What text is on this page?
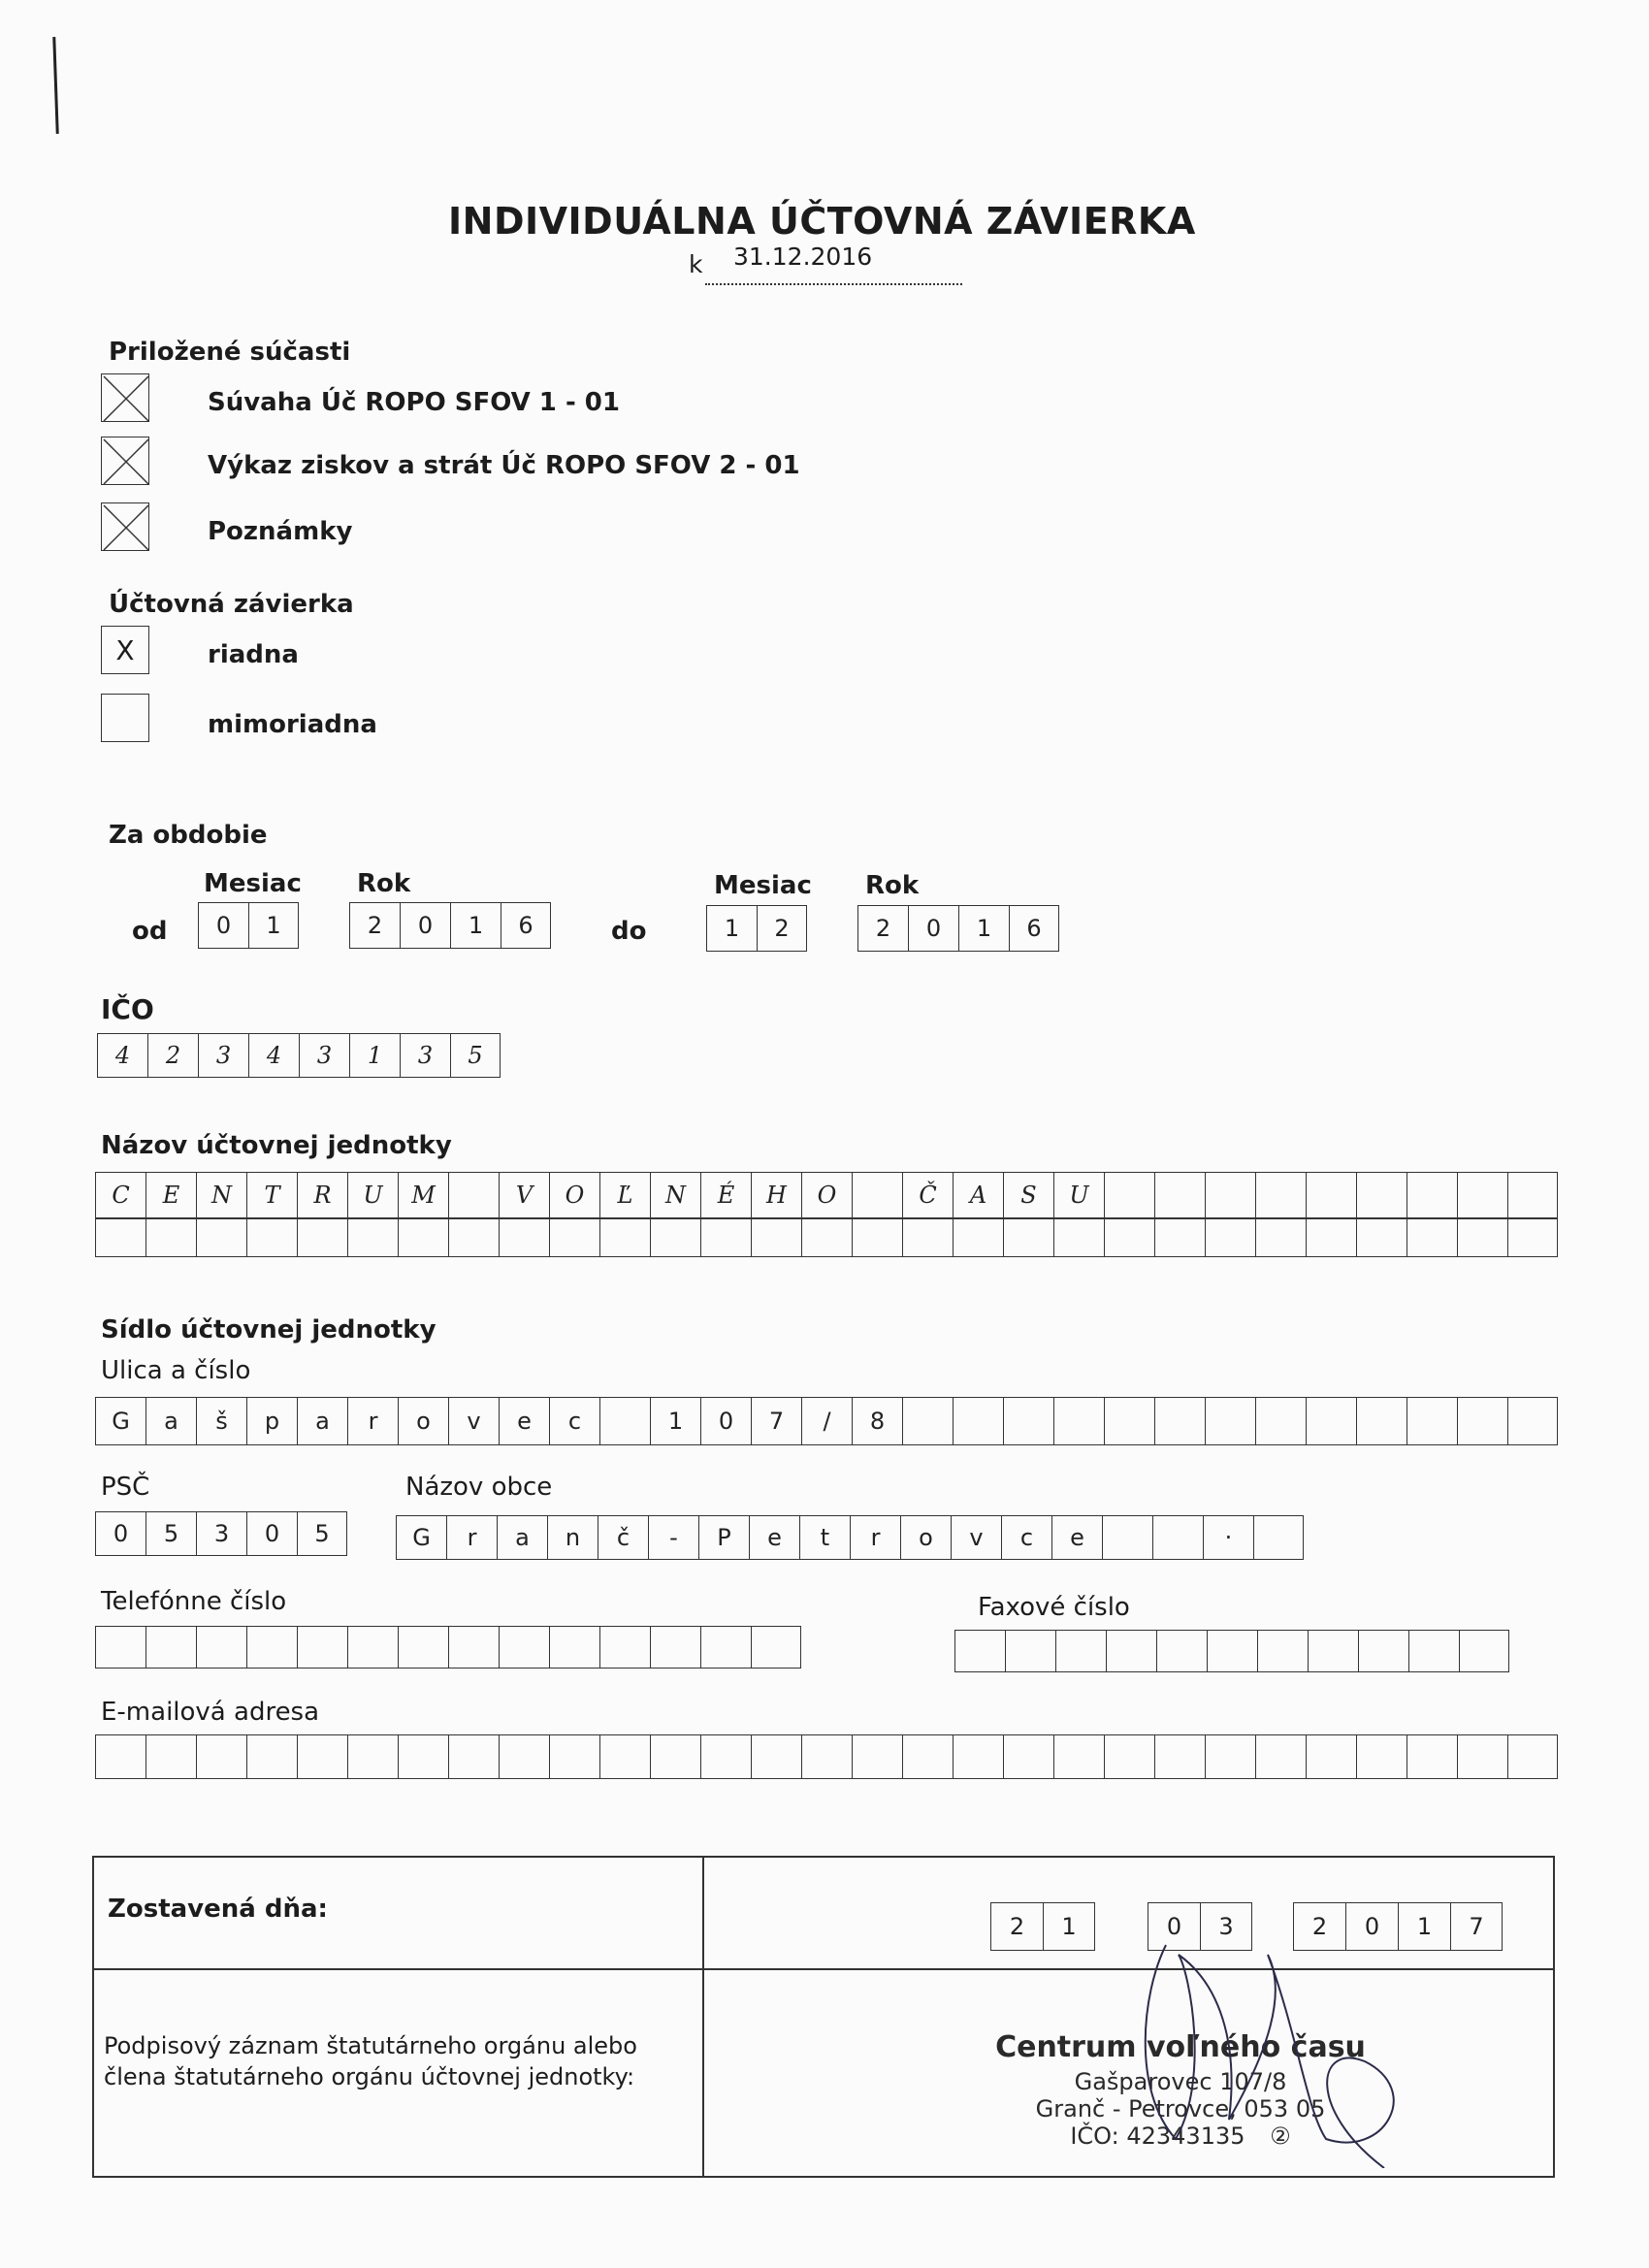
INDIVIDUÁLNA ÚČTOVNÁ ZÁVIERKA
k 31.12.2016
Priložené súčasti
Súvaha Úč ROPO SFOV 1 - 01
Výkaz ziskov a strát Úč ROPO SFOV 2 - 01
Poznámky
Účtovná závierka
X	riadna
mimoriadna
Za obdobie
Mesiac Rok	Mesiac Rok
od	0	1	2	0	1	6	do	1	2	2	0	1	6
IČO
4	2	3	4	3	1	3	5
Názov účtovnej jednotky
C	E	N	T	R	U	M	V	O	Ľ	N	É	H	O	Č	A	S	U
Sídlo účtovnej jednotky
Ulica a číslo
G	a	š	p	a	r	o	v	e	c	1	0	7	/	8
PSČ	Názov obce
0	5	3	0	5	G	r	a	n	č	-	P	e	t	r	o	v	c	e	·
Telefónne číslo	Faxové číslo
E-mailová adresa
Zostavená dňa:
2	1	0	3	2	0	1	7
Podpisový záznam štatutárneho orgánu alebo
člena štatutárneho orgánu účtovnej jednotky:
Centrum voľného času
Gašparovec 107/8
Granč - Petrovce, 053 05
IČO: 42343135 ②
